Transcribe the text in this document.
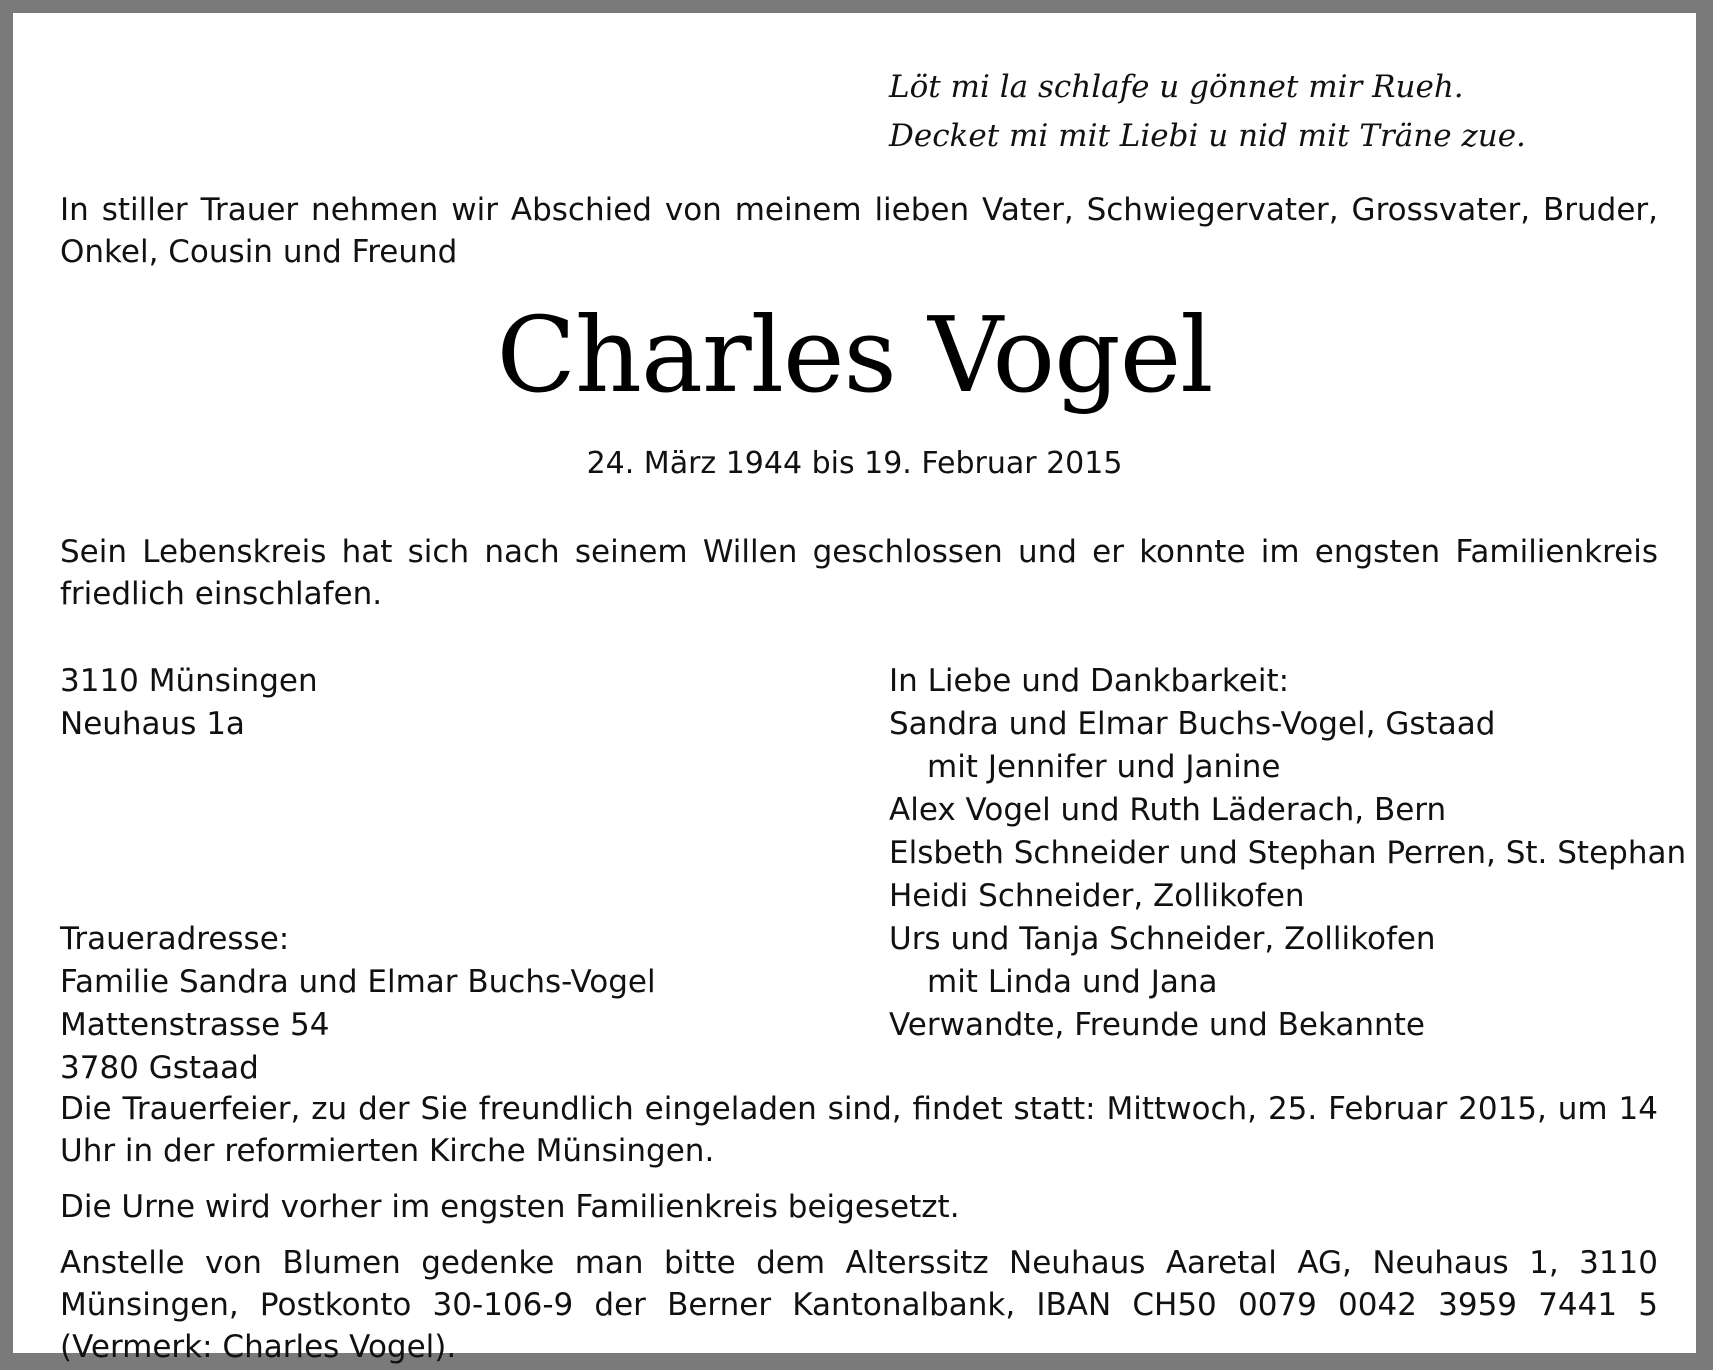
Löt mi la schlafe u gönnet mir Rueh.
Decket mi mit Liebi u nid mit Träne zue.
In stiller Trauer nehmen wir Abschied von meinem lieben Vater, Schwiegervater, Grossvater, Bruder, Onkel, Cousin und Freund
Charles Vogel
24. März 1944 bis 19. Februar 2015
Sein Lebenskreis hat sich nach seinem Willen geschlossen und er konnte im engsten Familienkreis friedlich einschlafen.
3110 Münsingen
Neuhaus 1a
Traueradresse:
Familie Sandra und Elmar Buchs-Vogel
Mattenstrasse 54
3780 Gstaad
In Liebe und Dankbarkeit:
Sandra und Elmar Buchs-Vogel, Gstaad
mit Jennifer und Janine
Alex Vogel und Ruth Läderach, Bern
Elsbeth Schneider und Stephan Perren, St. Stephan
Heidi Schneider, Zollikofen
Urs und Tanja Schneider, Zollikofen
mit Linda und Jana
Verwandte, Freunde und Bekannte
Die Trauerfeier, zu der Sie freundlich eingeladen sind, findet statt: Mittwoch, 25. Februar 2015, um 14 Uhr in der reformierten Kirche Münsingen.
Die Urne wird vorher im engsten Familienkreis beigesetzt.
Anstelle von Blumen gedenke man bitte dem Alterssitz Neuhaus Aaretal AG, Neuhaus 1, 3110 Münsingen, Postkonto 30-106-9 der Berner Kantonalbank, IBAN CH50 0079 0042 3959 7441 5 (Vermerk: Charles Vogel).
